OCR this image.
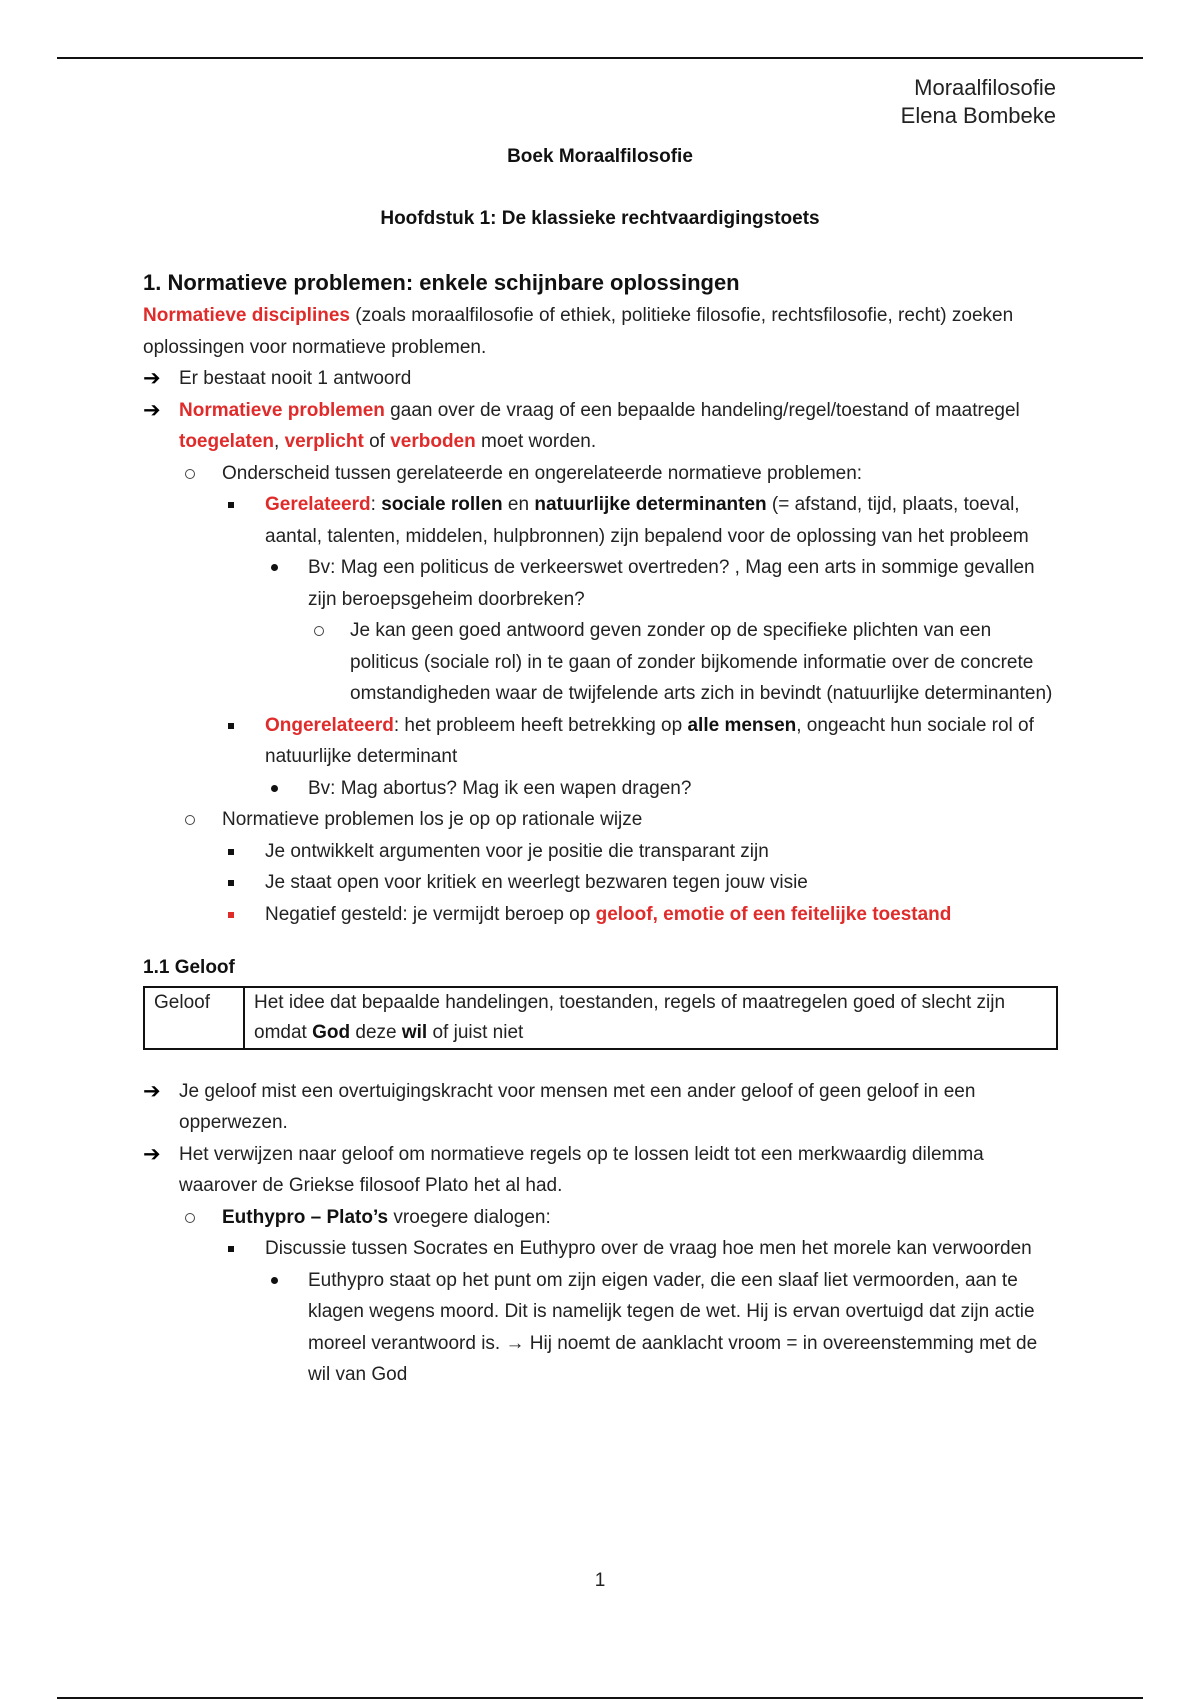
Moraalfilosofie
Elena Bombeke
Boek Moraalfilosofie
Hoofdstuk 1: De klassieke rechtvaardigingstoets

1. Normatieve problemen: enkele schijnbare oplossingen

Normatieve disciplines (zoals moraalfilosofie of ethiek, politieke filosofie, rechtsfilosofie, recht) zoeken oplossingen voor normatieve problemen.

➔ Er bestaat nooit 1 antwoord
➔ Normatieve problemen gaan over de vraag of een bepaalde handeling/regel/toestand of maatregel toegelaten, verplicht of verboden moet worden.
Onderscheid tussen gerelateerde en ongerelateerde normatieve problemen:
Gerelateerd: sociale rollen en natuurlijke determinanten (= afstand, tijd, plaats, toeval, aantal, talenten, middelen, hulpbronnen) zijn bepalend voor de oplossing van het probleem
Bv: Mag een politicus de verkeerswet overtreden? , Mag een arts in sommige gevallen zijn beroepsgeheim doorbreken?
Je kan geen goed antwoord geven zonder op de specifieke plichten van een politicus (sociale rol) in te gaan of zonder bijkomende informatie over de concrete omstandigheden waar de twijfelende arts zich in bevindt (natuurlijke determinanten)
Ongerelateerd: het probleem heeft betrekking op alle mensen, ongeacht hun sociale rol of natuurlijke determinant
Bv: Mag abortus? Mag ik een wapen dragen?
Normatieve problemen los je op op rationale wijze
Je ontwikkelt argumenten voor je positie die transparant zijn
Je staat open voor kritiek en weerlegt bezwaren tegen jouw visie
Negatief gesteld: je vermijdt beroep op geloof, emotie of een feitelijke toestand

1.1 Geloof

Geloof	Het idee dat bepaalde handelingen, toestanden, regels of maatregelen goed of slecht zijn omdat God deze wil of juist niet
➔ Je geloof mist een overtuigingskracht voor mensen met een ander geloof of geen geloof in een opperwezen.
➔ Het verwijzen naar geloof om normatieve regels op te lossen leidt tot een merkwaardig dilemma waarover de Griekse filosoof Plato het al had.
Euthypro – Plato’s vroegere dialogen:
Discussie tussen Socrates en Euthypro over de vraag hoe men het morele kan verwoorden
Euthypro staat op het punt om zijn eigen vader, die een slaaf liet vermoorden, aan te klagen wegens moord. Dit is namelijk tegen de wet. Hij is ervan overtuigd dat zijn actie moreel verantwoord is. → Hij noemt de aanklacht vroom = in overeenstemming met de wil van God
1
